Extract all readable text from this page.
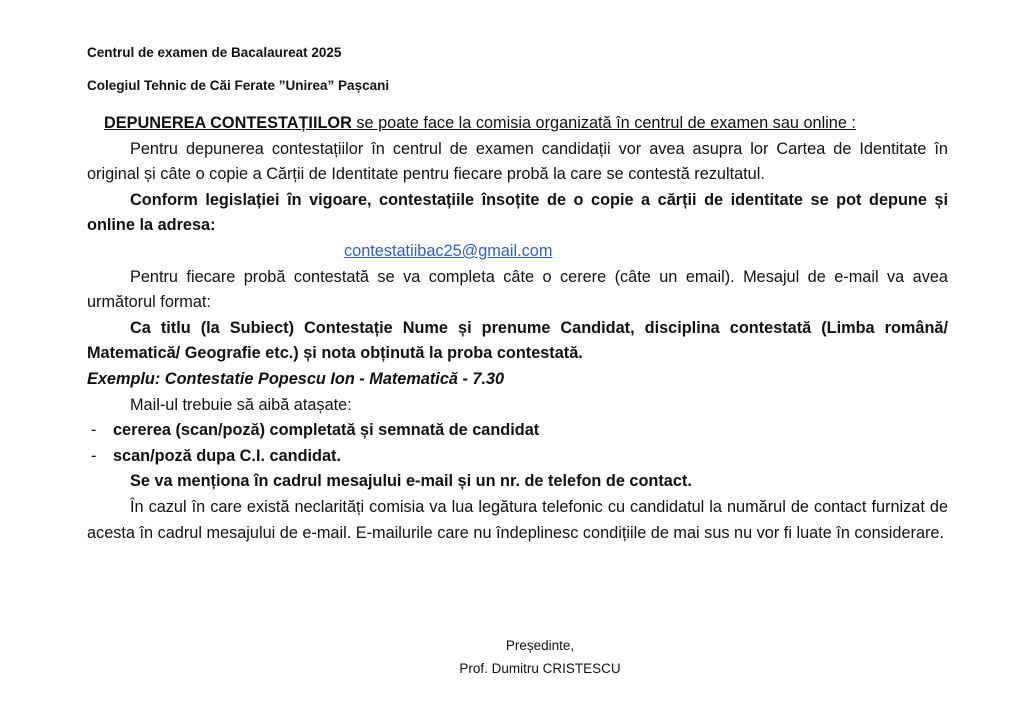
Centrul de examen de Bacalaureat 2025
Colegiul Tehnic de Căi Ferate ”Unirea” Pașcani

DEPUNEREA CONTESTAȚIILOR se poate face la comisia organizată în centrul de examen sau online :

Pentru depunerea contestațiilor în centrul de examen candidații vor avea asupra lor Cartea de Identitate în original și câte o copie a Cărții de Identitate pentru fiecare probă la care se contestă rezultatul.

Conform legislației în vigoare, contestațiile însoțite de o copie a cărții de identitate se pot depune și online la adresa:

contestatiibac25@gmail.com

Pentru fiecare probă contestată se va completa câte o cerere (câte un email). Mesajul de e-mail va avea următorul format:

Ca titlu (la Subiect) Contestație Nume și prenume Candidat, disciplina contestată (Limba română/ Matematică/ Geografie etc.) și nota obținută la proba contestată.

Exemplu: Contestatie Popescu Ion - Matematică - 7.30

Mail-ul trebuie să aibă atașate:

-	cererea (scan/poză) completată și semnată de candidat
-	scan/poză dupa C.I. candidat.

Se va menționa în cadrul mesajului e-mail și un nr. de telefon de contact.

În cazul în care există neclarități comisia va lua legătura telefonic cu candidatul la numărul de contact furnizat de acesta în cadrul mesajului de e-mail. E-mailurile care nu îndeplinesc condițiile de mai sus nu vor fi luate în considerare.

Președinte,
Prof. Dumitru CRISTESCU
